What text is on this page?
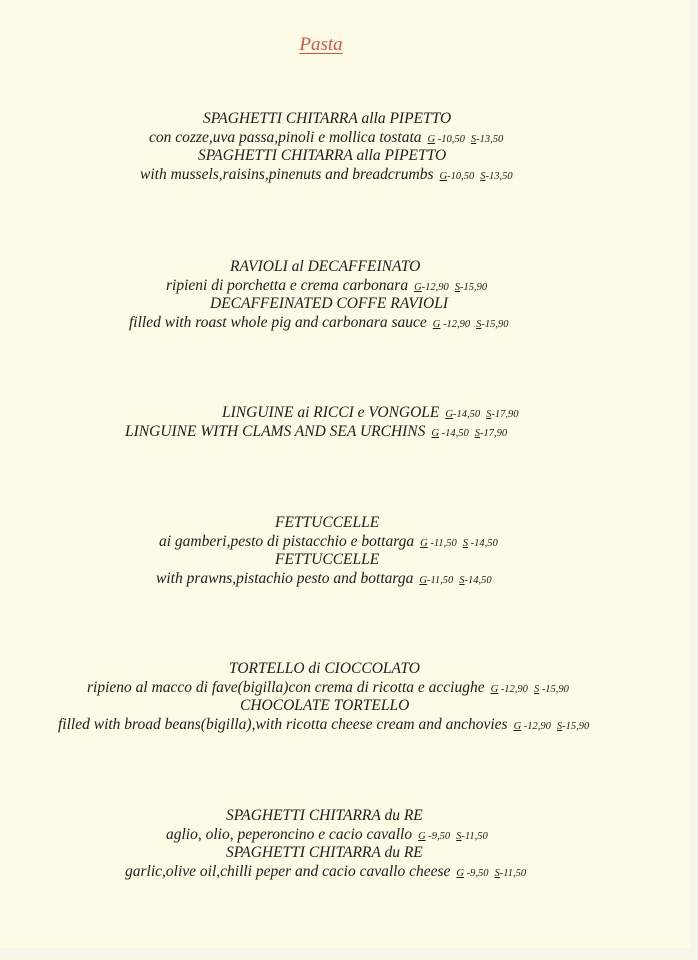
Pasta
SPAGHETTI CHITARRA alla PIPETTO
con cozze,uva passa,pinoli e mollica tostata G -10,50 S-13,50
SPAGHETTI CHITARRA alla PIPETTO
with mussels,raisins,pinenuts and breadcrumbs G-10,50 S-13,50
RAVIOLI al DECAFFEINATO
ripieni di porchetta e crema carbonara G-12,90 S-15,90
DECAFFEINATED COFFE RAVIOLI
filled with roast whole pig and carbonara sauce G -12,90 S-15,90
LINGUINE ai RICCI e VONGOLE G-14,50 S-17,90
LINGUINE WITH CLAMS AND SEA URCHINS G -14,50 S-17,90
FETTUCCELLE
ai gamberi,pesto di pistacchio e bottarga G -11,50 S -14,50
FETTUCCELLE
with prawns,pistachio pesto and bottarga G-11,50 S-14,50
TORTELLO di CIOCCOLATO
ripieno al macco di fave(bigilla)con crema di ricotta e acciughe G -12,90 S -15,90
CHOCOLATE TORTELLO
filled with broad beans(bigilla),with ricotta cheese cream and anchovies G -12,90 S-15,90
SPAGHETTI CHITARRA du RE
aglio, olio, peperoncino e cacio cavallo G -9,50 S-11,50
SPAGHETTI CHITARRA du RE
garlic,olive oil,chilli peper and cacio cavallo cheese G -9,50 S-11,50
